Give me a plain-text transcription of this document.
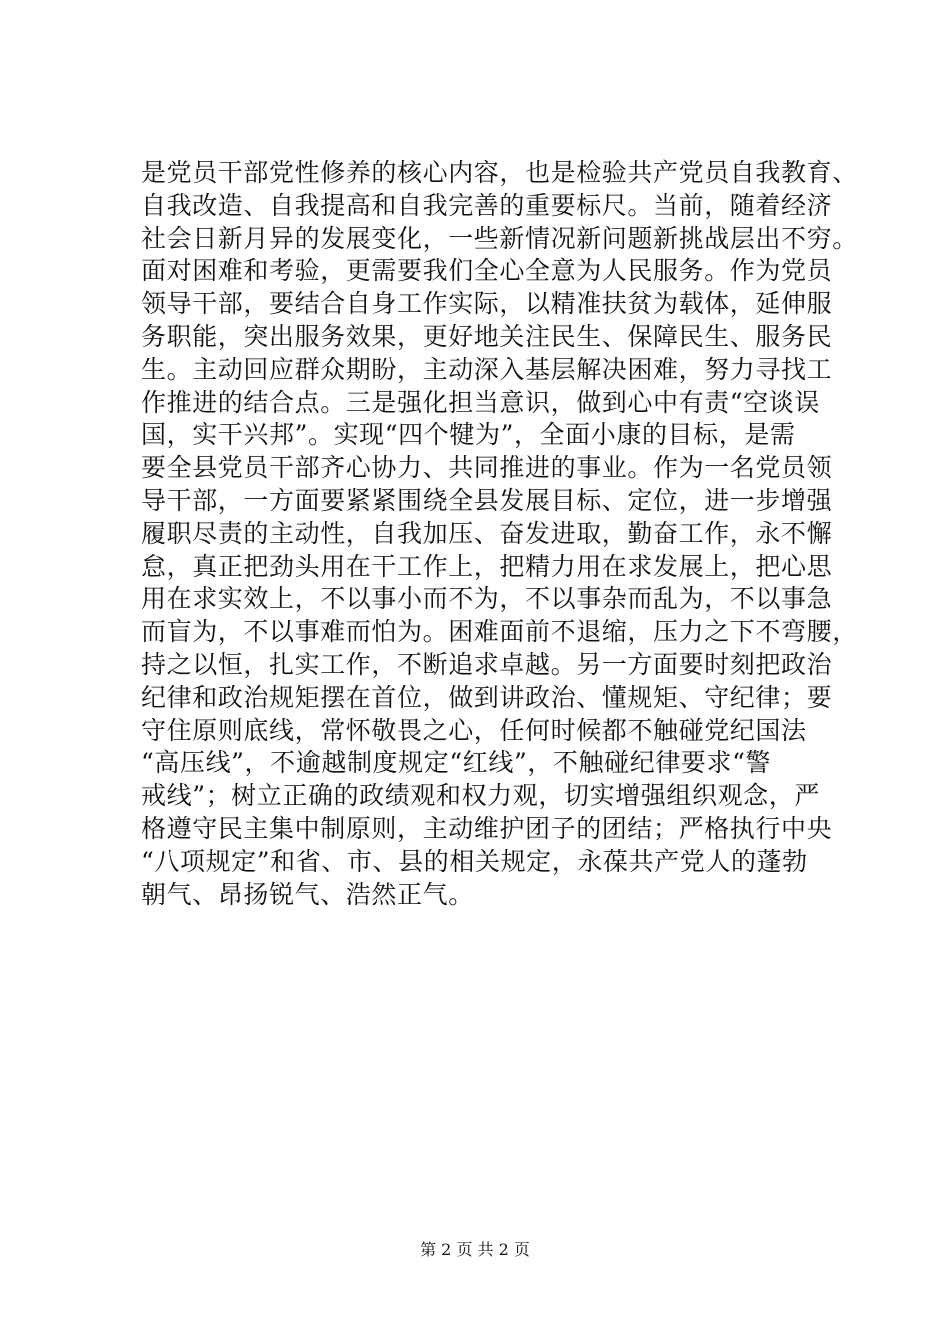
是党员干部党性修养的核心内容，也是检验共产党员自我教育、
自我改造、自我提高和自我完善的重要标尺。当前，随着经济
社会日新月异的发展变化，一些新情况新问题新挑战层出不穷。
面对困难和考验，更需要我们全心全意为人民服务。作为党员
领导干部，要结合自身工作实际，以精准扶贫为载体，延伸服
务职能，突出服务效果，更好地关注民生、保障民生、服务民
生。主动回应群众期盼，主动深入基层解决困难，努力寻找工
作推进的结合点。三是强化担当意识，做到心中有责“空谈误
国，实干兴邦”。实现“四个犍为”，全面小康的目标，是需
要全县党员干部齐心协力、共同推进的事业。作为一名党员领
导干部，一方面要紧紧围绕全县发展目标、定位，进一步增强
履职尽责的主动性，自我加压、奋发进取，勤奋工作，永不懈
怠，真正把劲头用在干工作上，把精力用在求发展上，把心思
用在求实效上，不以事小而不为，不以事杂而乱为，不以事急
而盲为，不以事难而怕为。困难面前不退缩，压力之下不弯腰，
持之以恒，扎实工作，不断追求卓越。另一方面要时刻把政治
纪律和政治规矩摆在首位，做到讲政治、懂规矩、守纪律；要
守住原则底线，常怀敬畏之心，任何时候都不触碰党纪国法
“高压线”，不逾越制度规定“红线”，不触碰纪律要求“警
戒线”；树立正确的政绩观和权力观，切实增强组织观念，严
格遵守民主集中制原则，主动维护团子的团结；严格执行中央
“八项规定”和省、市、县的相关规定，永葆共产党人的蓬勃
朝气、昂扬锐气、浩然正气。
第 2 页 共 2 页
